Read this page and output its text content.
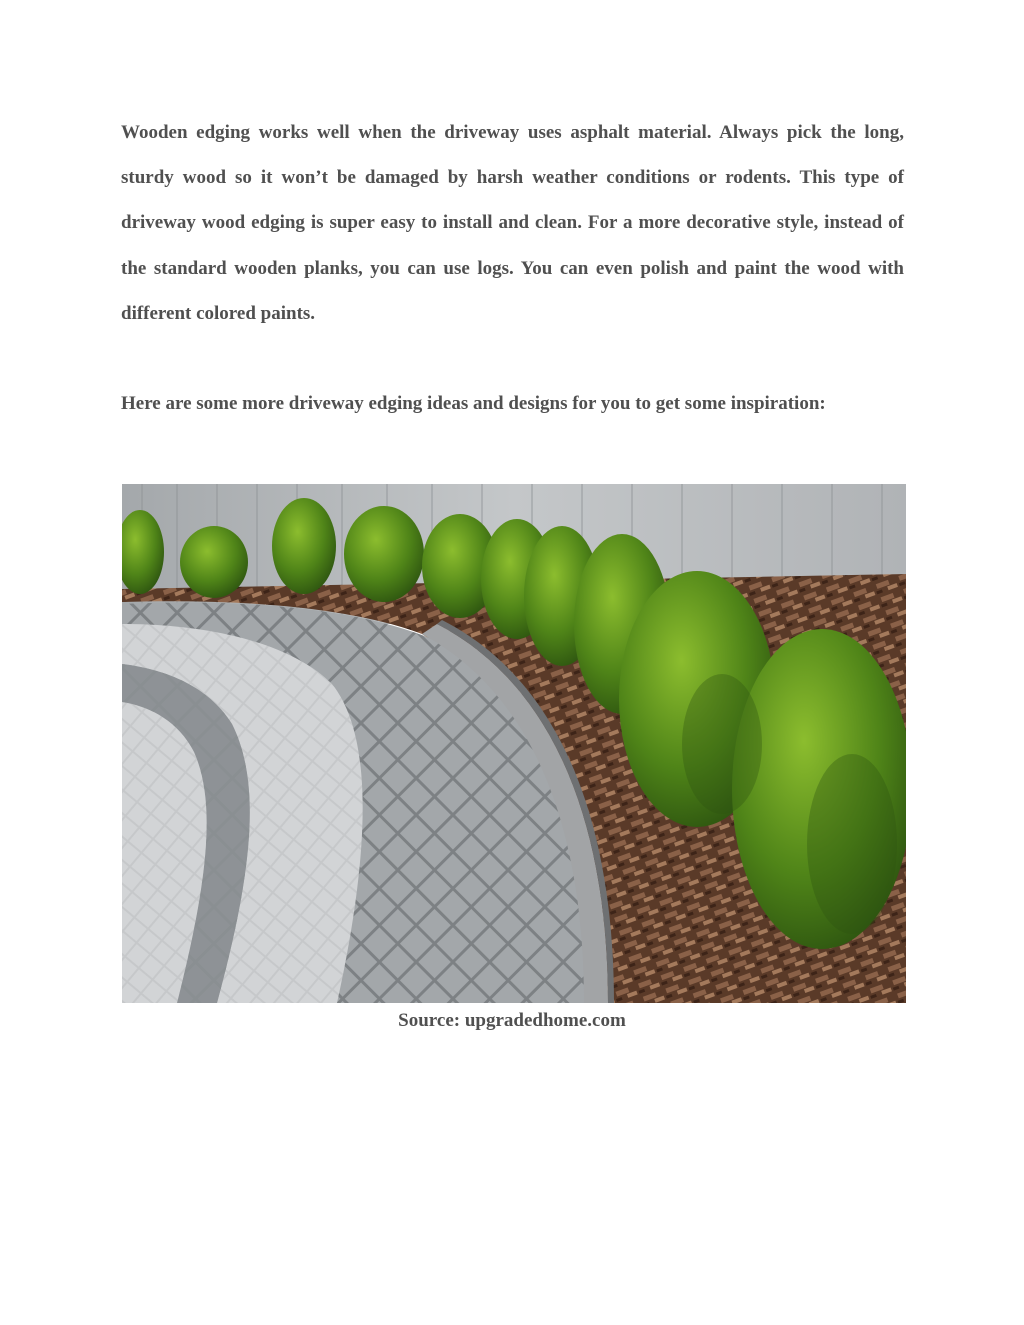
Wooden edging works well when the driveway uses asphalt material. Always pick the long, sturdy wood so it won’t be damaged by harsh weather conditions or rodents. This type of driveway wood edging is super easy to install and clean. For a more decorative style, instead of the standard wooden planks, you can use logs. You can even polish and paint the wood with different colored paints.

Here are some more driveway edging ideas and designs for you to get some inspiration:

Source: upgradedhome.com
